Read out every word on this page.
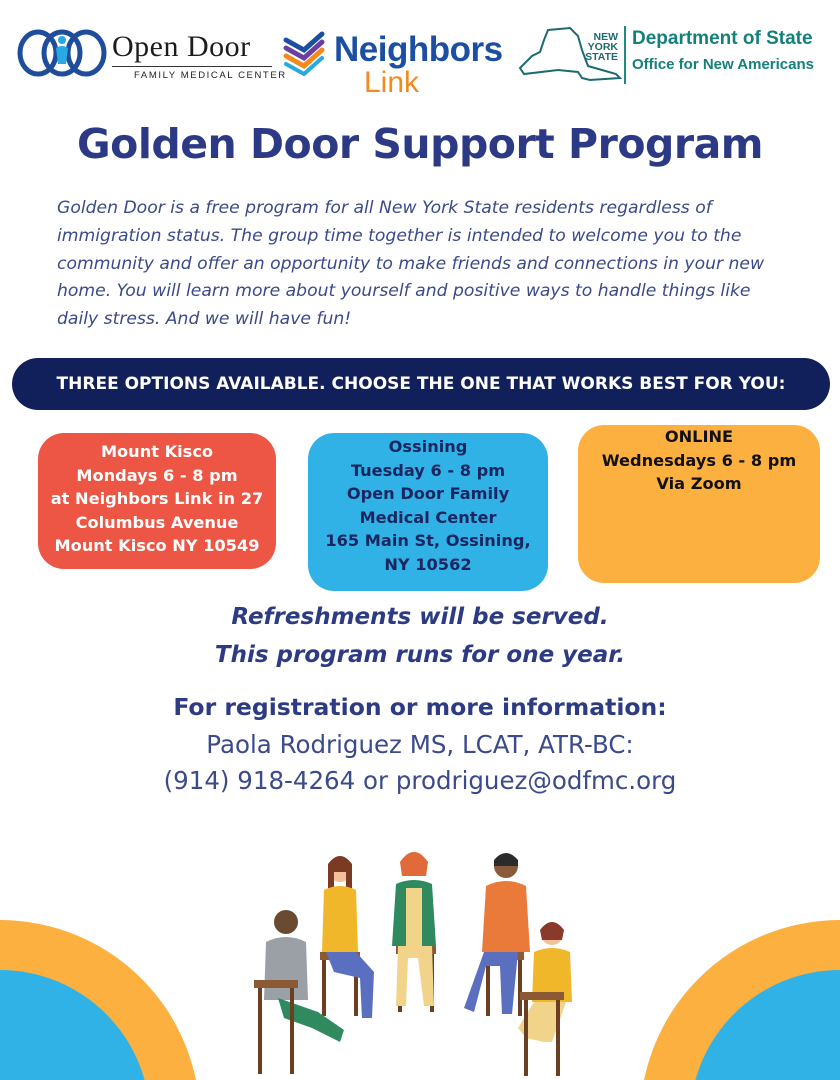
Open Door
FAMILY MEDICAL CENTER
Neighbors
Link
NEW
YORK
STATE
Department of State
Office for New Americans
Golden Door Support Program

Golden Door is a free program for all New York State residents regardless of immigration status. The group time together is intended to welcome you to the community and offer an opportunity to make friends and connections in your new home. You will learn more about yourself and positive ways to handle things like daily stress. And we will have fun!

THREE OPTIONS AVAILABLE. CHOOSE THE ONE THAT WORKS BEST FOR YOU:
Mount Kisco
Mondays 6 - 8 pm
at Neighbors Link in 27
Columbus Avenue
Mount Kisco NY 10549
Ossining
Tuesday 6 - 8 pm
Open Door Family
Medical Center
165 Main St, Ossining,
NY 10562
ONLINE
Wednesdays 6 - 8 pm
Via Zoom
Refreshments will be served.
This program runs for one year.
For registration or more information:
Paola Rodriguez MS, LCAT, ATR-BC:
(914) 918-4264 or prodriguez@odfmc.org
